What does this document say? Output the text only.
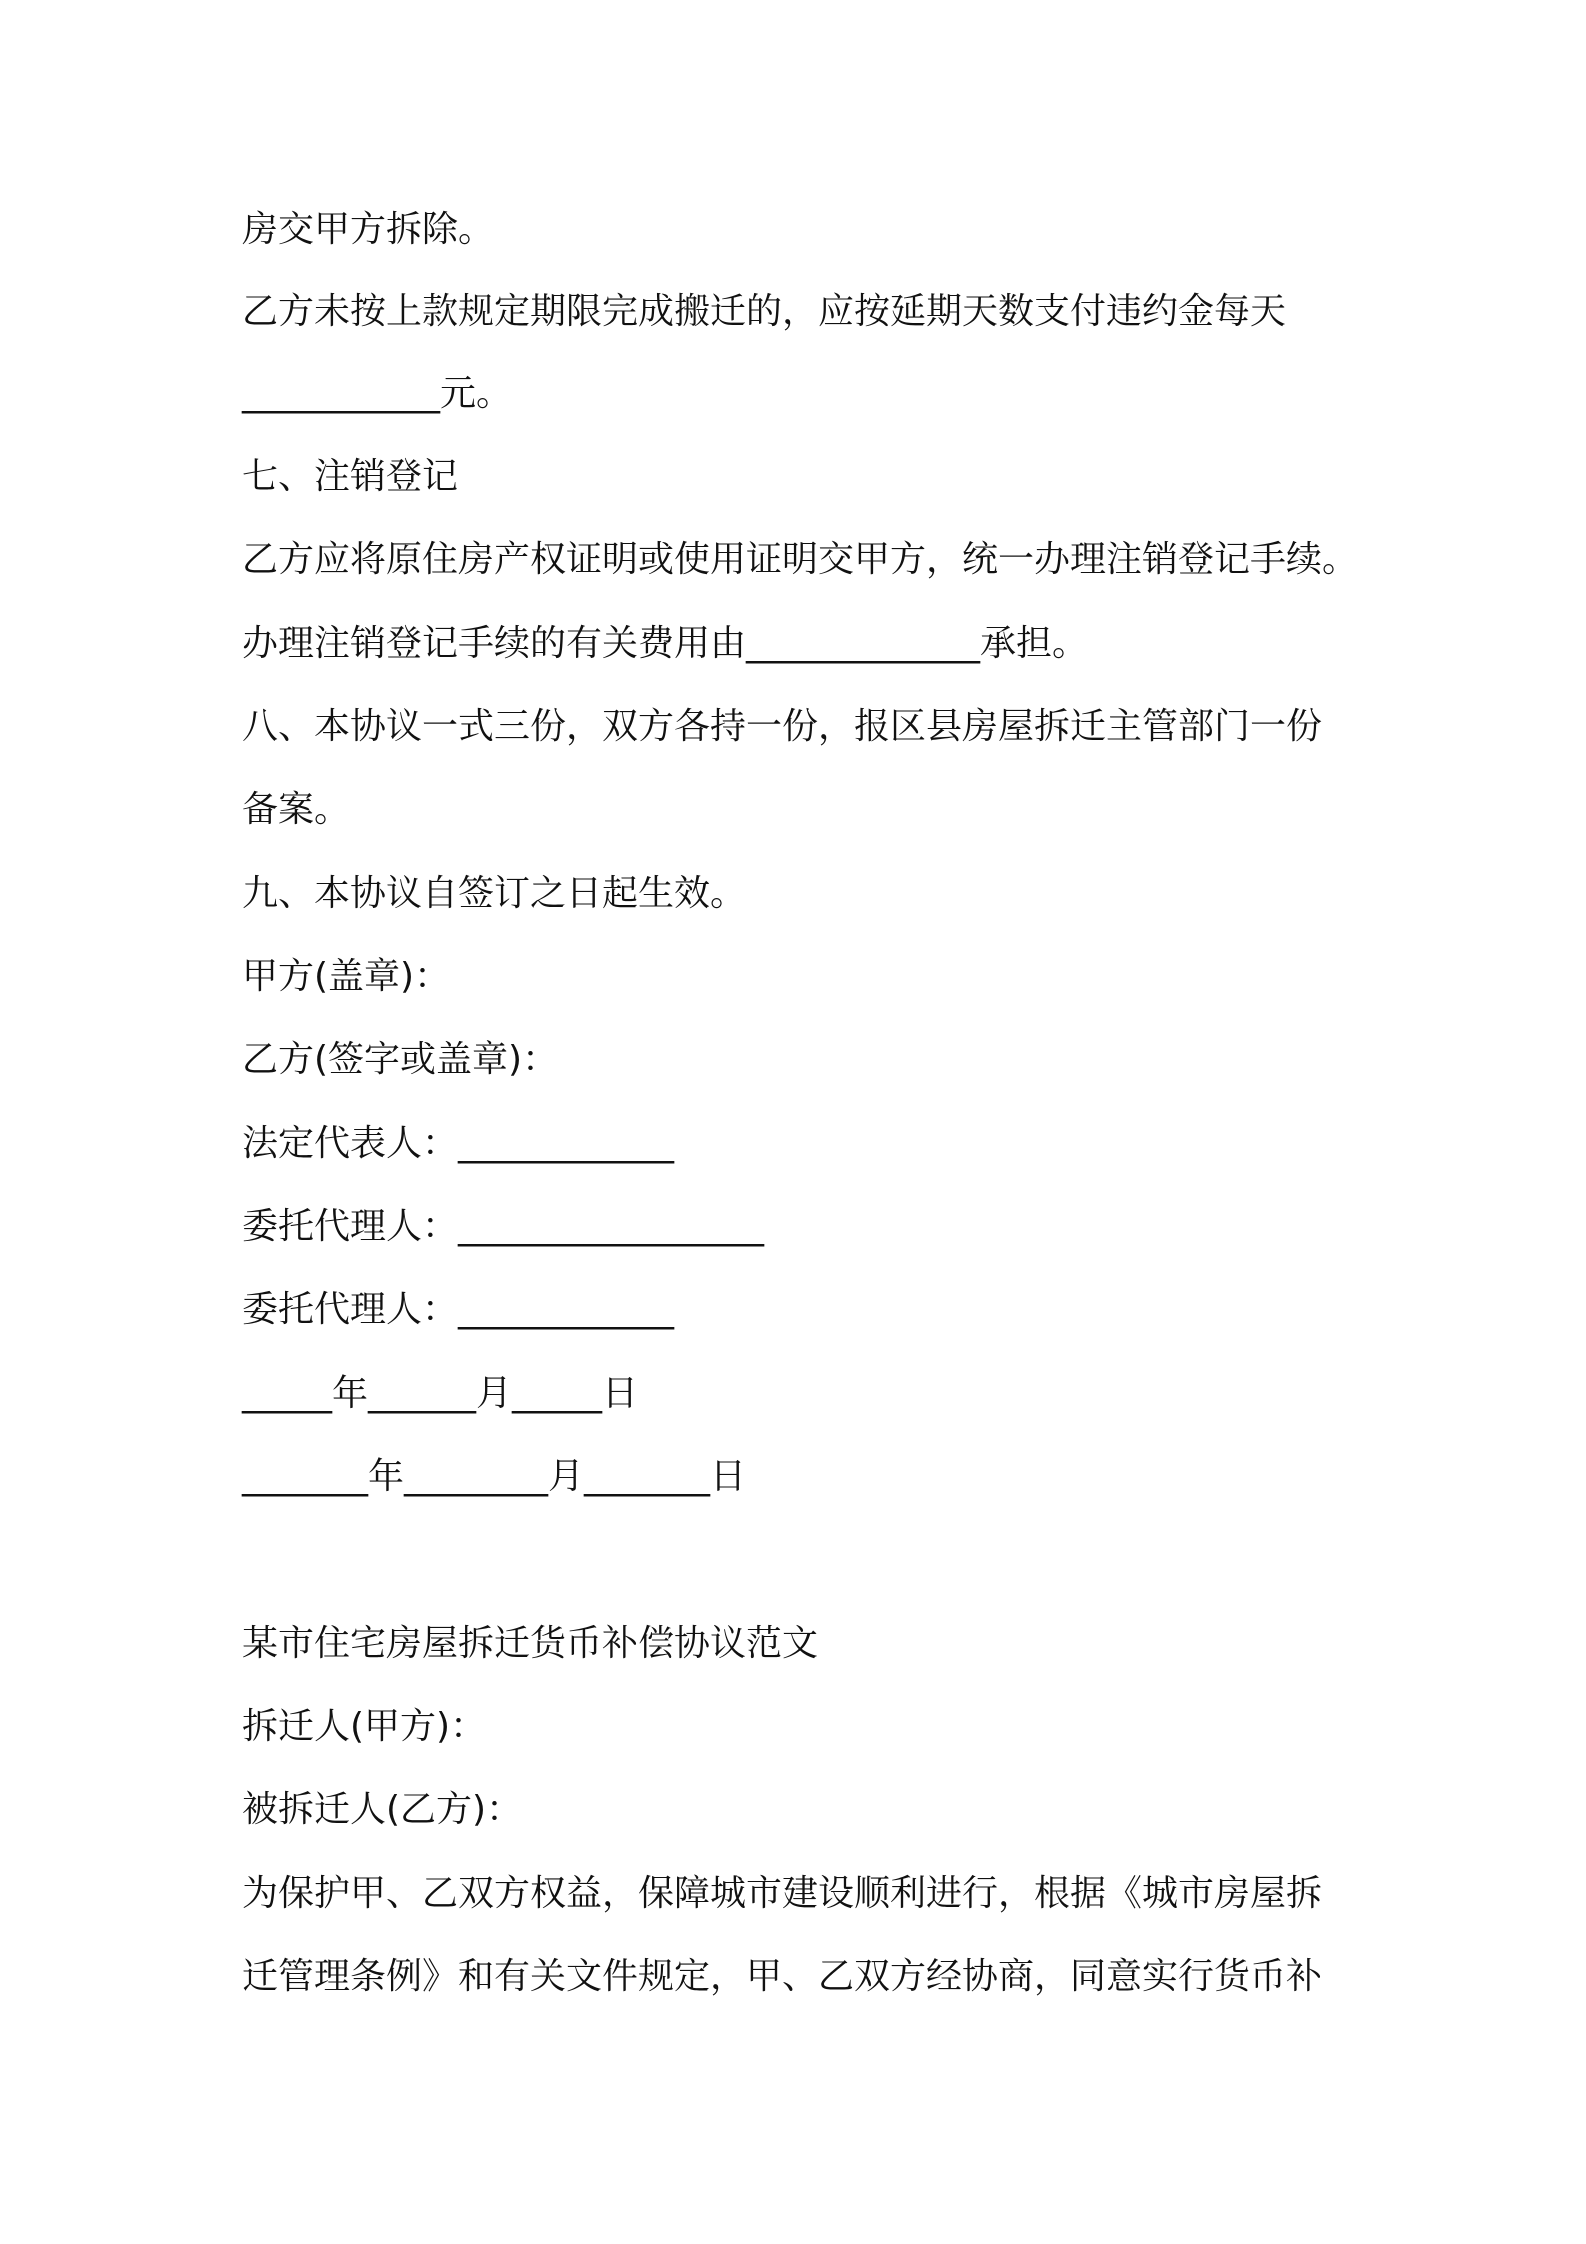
房交甲方拆除。
乙方未按上款规定期限完成搬迁的，应按延期天数支付违约金每天
___________元。
七、注销登记
乙方应将原住房产权证明或使用证明交甲方，统一办理注销登记手续。
办理注销登记手续的有关费用由_____________承担。
八、本协议一式三份，双方各持一份，报区县房屋拆迁主管部门一份
备案。
九、本协议自签订之日起生效。
甲方(盖章)：
乙方(签字或盖章)：
法定代表人：____________
委托代理人：_________________
委托代理人：____________
_____年______月_____日
_______年________月_______日
某市住宅房屋拆迁货币补偿协议范文
拆迁人(甲方)：
被拆迁人(乙方)：
为保护甲、乙双方权益，保障城市建设顺利进行，根据《城市房屋拆
迁管理条例》和有关文件规定，甲、乙双方经协商，同意实行货币补
